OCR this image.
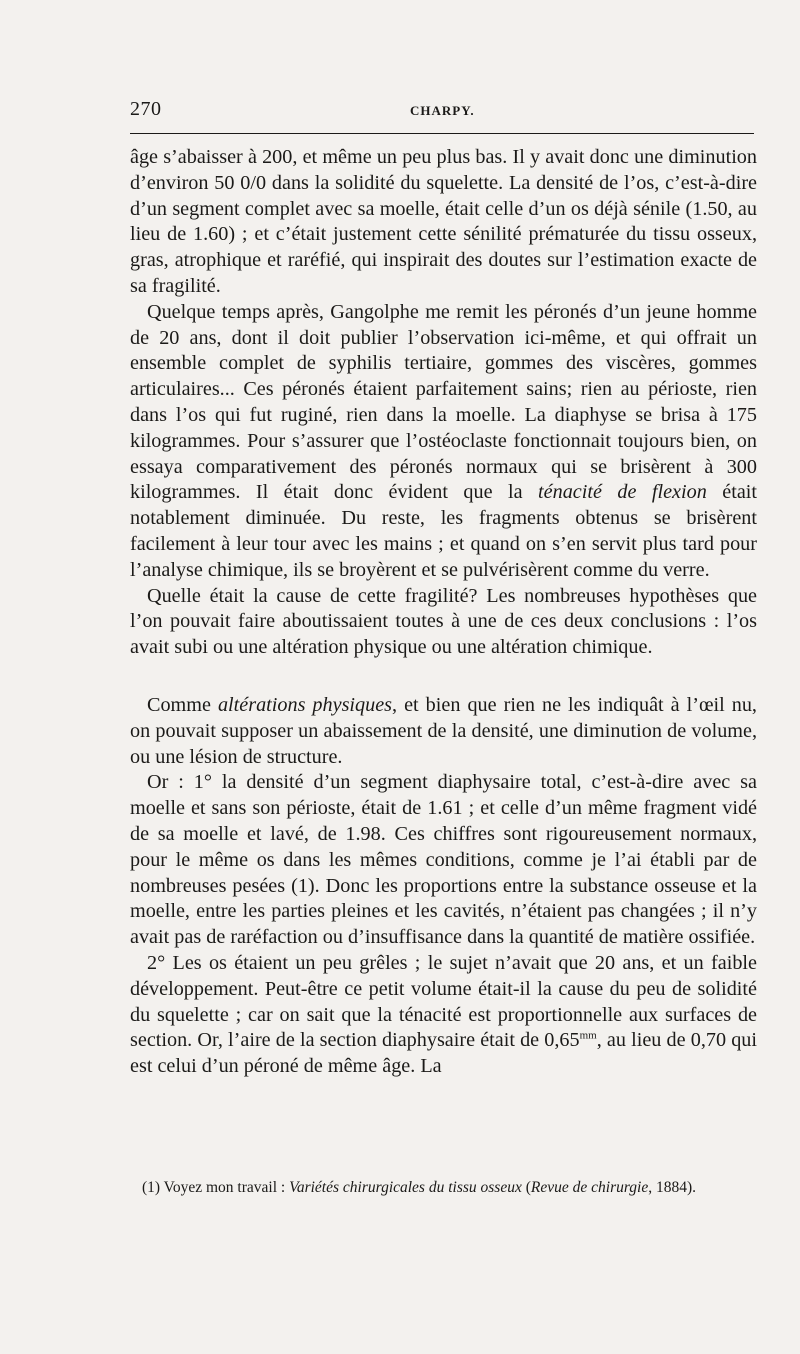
270	CHARPY.

âge s’abaisser à 200, et même un peu plus bas. Il y avait donc une diminution d’environ 50 0/0 dans la solidité du squelette. La densité de l’os, c’est-à-dire d’un segment complet avec sa moelle, était celle d’un os déjà sénile (1.50, au lieu de 1.60) ; et c’était justement cette sénilité prématurée du tissu osseux, gras, atrophique et raréfié, qui inspirait des doutes sur l’estimation exacte de sa fragilité.

Quelque temps après, Gangolphe me remit les péronés d’un jeune homme de 20 ans, dont il doit publier l’observation ici-même, et qui offrait un ensemble complet de syphilis tertiaire, gommes des viscères, gommes articulaires... Ces péronés étaient parfaitement sains; rien au périoste, rien dans l’os qui fut ruginé, rien dans la moelle. La diaphyse se brisa à 175 kilogrammes. Pour s’assurer que l’ostéoclaste fonctionnait toujours bien, on essaya comparativement des péronés normaux qui se brisèrent à 300 kilogrammes. Il était donc évident que la ténacité de flexion était notablement diminuée. Du reste, les fragments obtenus se brisèrent facilement à leur tour avec les mains ; et quand on s’en servit plus tard pour l’analyse chimique, ils se broyèrent et se pulvérisèrent comme du verre.

Quelle était la cause de cette fragilité? Les nombreuses hypothèses que l’on pouvait faire aboutissaient toutes à une de ces deux conclusions : l’os avait subi ou une altération physique ou une altération chimique.

Comme altérations physiques, et bien que rien ne les indiquât à l’œil nu, on pouvait supposer un abaissement de la densité, une diminution de volume, ou une lésion de structure.

Or : 1° la densité d’un segment diaphysaire total, c’est-à-dire avec sa moelle et sans son périoste, était de 1.61 ; et celle d’un même fragment vidé de sa moelle et lavé, de 1.98. Ces chiffres sont rigoureusement normaux, pour le même os dans les mêmes conditions, comme je l’ai établi par de nombreuses pesées (1). Donc les proportions entre la substance osseuse et la moelle, entre les parties pleines et les cavités, n’étaient pas changées ; il n’y avait pas de raréfaction ou d’insuffisance dans la quantité de matière ossifiée.

2° Les os étaient un peu grêles ; le sujet n’avait que 20 ans, et un faible développement. Peut-être ce petit volume était-il la cause du peu de solidité du squelette ; car on sait que la ténacité est proportionnelle aux surfaces de section. Or, l’aire de la section diaphysaire était de $0,65^{mm}$, au lieu de 0,70 qui est celui d’un péroné de même âge. La

(1) Voyez mon travail : Variétés chirurgicales du tissu osseux (Revue de chirurgie, 1884).
